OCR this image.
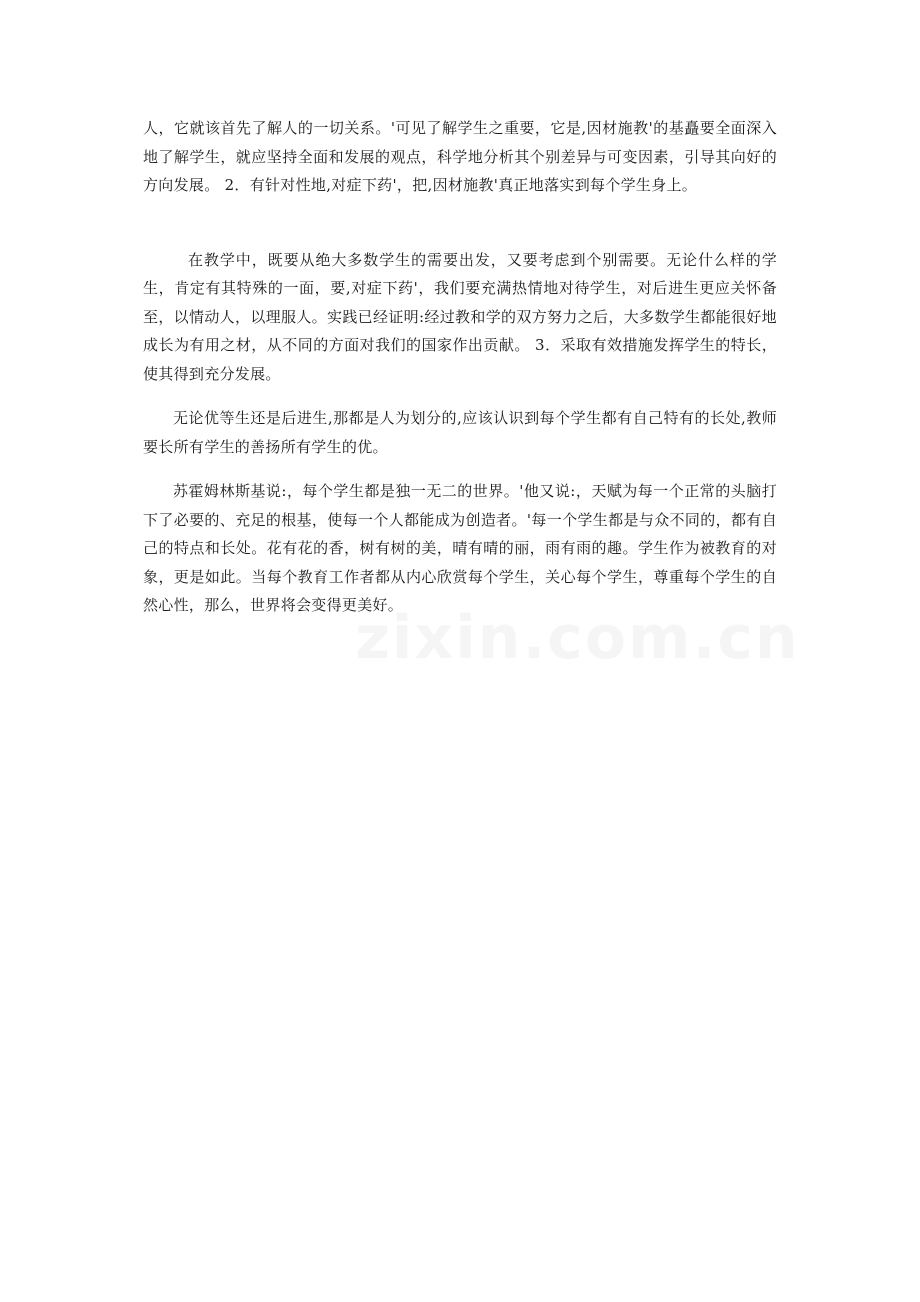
人，它就该首先了解人的一切关系。'可见了解学生之重要，它是,因材施教'的基矗要全面深入地了解学生，就应坚持全面和发展的观点，科学地分析其个别差异与可变因素，引导其向好的方向发展。 2．有针对性地,对症下药'，把,因材施教'真正地落实到每个学生身上。

在教学中，既要从绝大多数学生的需要出发，又要考虑到个别需要。无论什么样的学生，肯定有其特殊的一面，要,对症下药'，我们要充满热情地对待学生，对后进生更应关怀备至，以情动人，以理服人。实践已经证明:经过教和学的双方努力之后，大多数学生都能很好地成长为有用之材，从不同的方面对我们的国家作出贡献。 3．采取有效措施发挥学生的特长，使其得到充分发展。

无论优等生还是后进生,那都是人为划分的,应该认识到每个学生都有自己特有的长处,教师要长所有学生的善扬所有学生的优。

苏霍姆林斯基说:，每个学生都是独一无二的世界。'他又说:，天赋为每一个正常的头脑打下了必要的、充足的根基，使每一个人都能成为创造者。'每一个学生都是与众不同的，都有自己的特点和长处。花有花的香，树有树的美，晴有晴的丽，雨有雨的趣。学生作为被教育的对象，更是如此。当每个教育工作者都从内心欣赏每个学生，关心每个学生，尊重每个学生的自然心性，那么，世界将会变得更美好。
